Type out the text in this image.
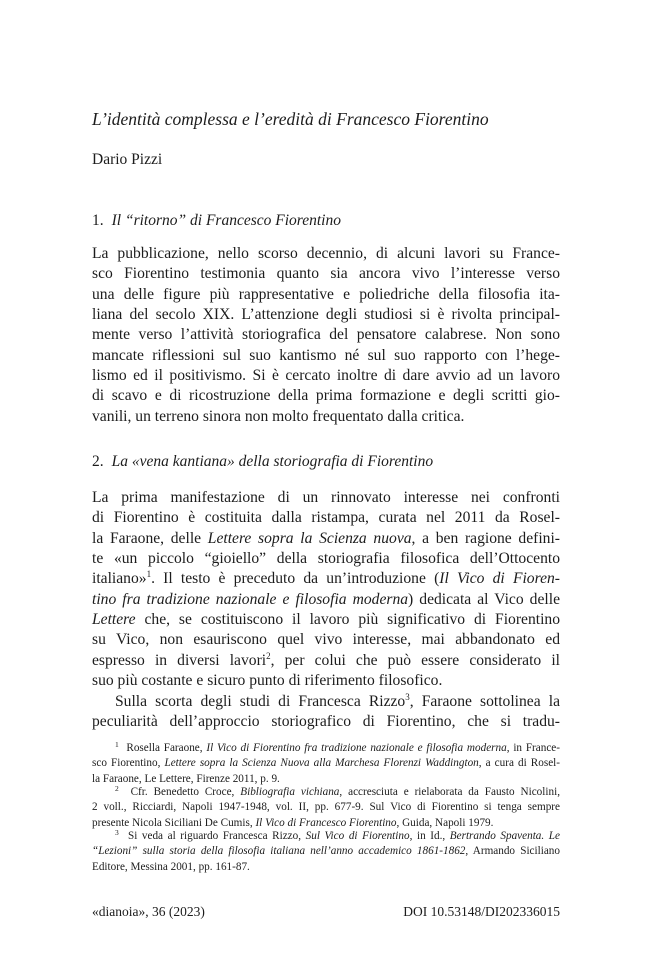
L’identità complessa e l’eredità di Francesco Fiorentino
Dario Pizzi
1. Il “ritorno” di Francesco Fiorentino
La pubblicazione, nello scorso decennio, di alcuni lavori su France-
sco Fiorentino testimonia quanto sia ancora vivo l’interesse verso
una delle figure più rappresentative e poliedriche della filosofia ita-
liana del secolo XIX. L’attenzione degli studiosi si è rivolta principal-
mente verso l’attività storiografica del pensatore calabrese. Non sono
mancate riflessioni sul suo kantismo né sul suo rapporto con l’hege-
lismo ed il positivismo. Si è cercato inoltre di dare avvio ad un lavoro
di scavo e di ricostruzione della prima formazione e degli scritti gio-
vanili, un terreno sinora non molto frequentato dalla critica.
2. La «vena kantiana» della storiografia di Fiorentino
La prima manifestazione di un rinnovato interesse nei confronti
di Fiorentino è costituita dalla ristampa, curata nel 2011 da Rosel-
la Faraone, delle Lettere sopra la Scienza nuova, a ben ragione defini-
te «un piccolo “gioiello” della storiografia filosofica dell’Ottocento
italiano»$^1$. Il testo è preceduto da un’introduzione (Il Vico di Fioren-
tino fra tradizione nazionale e filosofia moderna) dedicata al Vico delle
Lettere che, se costituiscono il lavoro più significativo di Fiorentino
su Vico, non esauriscono quel vivo interesse, mai abbandonato ed
espresso in diversi lavori$^2$, per colui che può essere considerato il
suo più costante e sicuro punto di riferimento filosofico.
Sulla scorta degli studi di Francesca Rizzo$^3$, Faraone sottolinea la
peculiarità dell’approccio storiografico di Fiorentino, che si tradu-
$^1$ Rosella Faraone, Il Vico di Fiorentino fra tradizione nazionale e filosofia moderna, in France-
sco Fiorentino, Lettere sopra la Scienza Nuova alla Marchesa Florenzi Waddington, a cura di Rosel-
la Faraone, Le Lettere, Firenze 2011, p. 9.
$^2$ Cfr. Benedetto Croce, Bibliografia vichiana, accresciuta e rielaborata da Fausto Nicolini,
2 voll., Ricciardi, Napoli 1947-1948, vol. II, pp. 677-9. Sul Vico di Fiorentino si tenga sempre
presente Nicola Siciliani De Cumis, Il Vico di Francesco Fiorentino, Guida, Napoli 1979.
$^3$ Si veda al riguardo Francesca Rizzo, Sul Vico di Fiorentino, in Id., Bertrando Spaventa. Le
“Lezioni” sulla storia della filosofia italiana nell’anno accademico 1861-1862, Armando Siciliano
Editore, Messina 2001, pp. 161-87.
«dianoia», 36 (2023)	DOI 10.53148/DI202336015
